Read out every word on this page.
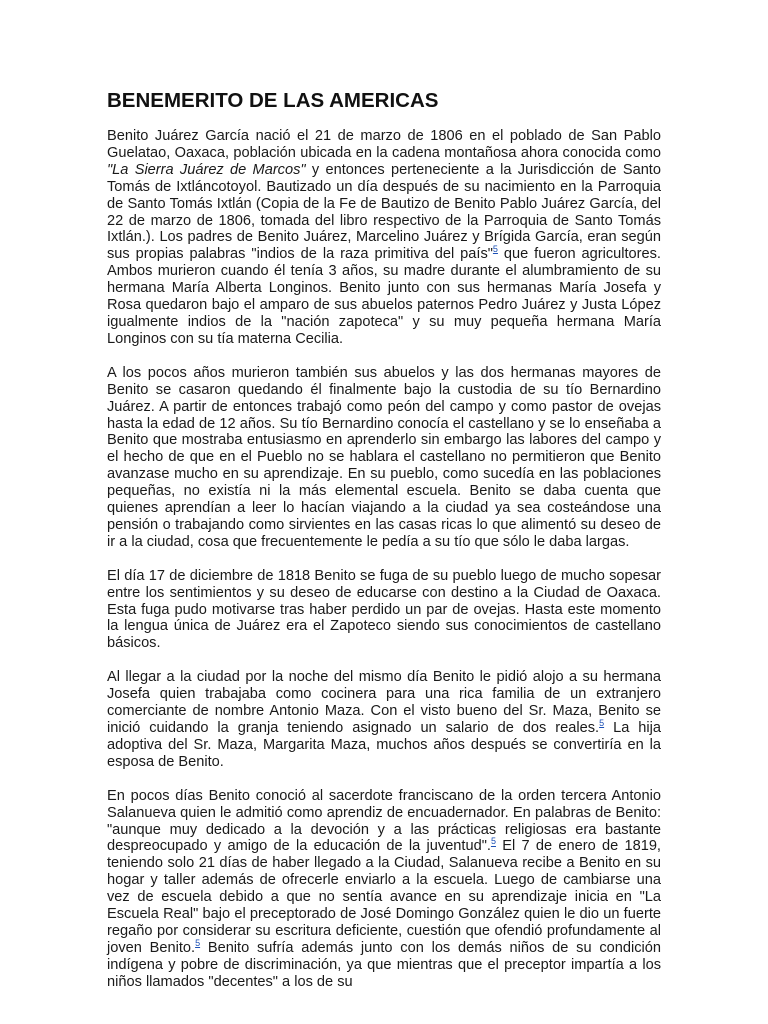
BENEMERITO DE LAS AMERICAS

Benito Juárez García nació el 21 de marzo de 1806 en el poblado de San Pablo Guelatao, Oaxaca, población ubicada en la cadena montañosa ahora conocida como "La Sierra Juárez de Marcos" y entonces perteneciente a la Jurisdicción de Santo Tomás de Ixtláncotoyol. Bautizado un día después de su nacimiento en la Parroquia de Santo Tomás Ixtlán (Copia de la Fe de Bautizo de Benito Pablo Juárez García, del 22 de marzo de 1806, tomada del libro respectivo de la Parroquia de Santo Tomás Ixtlán.). Los padres de Benito Juárez, Marcelino Juárez y Brígida García, eran según sus propias palabras "indios de la raza primitiva del país"$^5$ que fueron agricultores. Ambos murieron cuando él tenía 3 años, su madre durante el alumbramiento de su hermana María Alberta Longinos. Benito junto con sus hermanas María Josefa y Rosa quedaron bajo el amparo de sus abuelos paternos Pedro Juárez y Justa López igualmente indios de la "nación zapoteca" y su muy pequeña hermana María Longinos con su tía materna Cecilia.

A los pocos años murieron también sus abuelos y las dos hermanas mayores de Benito se casaron quedando él finalmente bajo la custodia de su tío Bernardino Juárez. A partir de entonces trabajó como peón del campo y como pastor de ovejas hasta la edad de 12 años. Su tío Bernardino conocía el castellano y se lo enseñaba a Benito que mostraba entusiasmo en aprenderlo sin embargo las labores del campo y el hecho de que en el Pueblo no se hablara el castellano no permitieron que Benito avanzase mucho en su aprendizaje. En su pueblo, como sucedía en las poblaciones pequeñas, no existía ni la más elemental escuela. Benito se daba cuenta que quienes aprendían a leer lo hacían viajando a la ciudad ya sea costeándose una pensión o trabajando como sirvientes en las casas ricas lo que alimentó su deseo de ir a la ciudad, cosa que frecuentemente le pedía a su tío que sólo le daba largas.

El día 17 de diciembre de 1818 Benito se fuga de su pueblo luego de mucho sopesar entre los sentimientos y su deseo de educarse con destino a la Ciudad de Oaxaca. Esta fuga pudo motivarse tras haber perdido un par de ovejas. Hasta este momento la lengua única de Juárez era el Zapoteco siendo sus conocimientos de castellano básicos.

Al llegar a la ciudad por la noche del mismo día Benito le pidió alojo a su hermana Josefa quien trabajaba como cocinera para una rica familia de un extranjero comerciante de nombre Antonio Maza. Con el visto bueno del Sr. Maza, Benito se inició cuidando la granja teniendo asignado un salario de dos reales.$^5$ La hija adoptiva del Sr. Maza, Margarita Maza, muchos años después se convertiría en la esposa de Benito.

En pocos días Benito conoció al sacerdote franciscano de la orden tercera Antonio Salanueva quien le admitió como aprendiz de encuadernador. En palabras de Benito: "aunque muy dedicado a la devoción y a las prácticas religiosas era bastante despreocupado y amigo de la educación de la juventud".$^5$ El 7 de enero de 1819, teniendo solo 21 días de haber llegado a la Ciudad, Salanueva recibe a Benito en su hogar y taller además de ofrecerle enviarlo a la escuela. Luego de cambiarse una vez de escuela debido a que no sentía avance en su aprendizaje inicia en "La Escuela Real" bajo el preceptorado de José Domingo González quien le dio un fuerte regaño por considerar su escritura deficiente, cuestión que ofendió profundamente al joven Benito.$^5$ Benito sufría además junto con los demás niños de su condición indígena y pobre de discriminación, ya que mientras que el preceptor impartía a los niños llamados "decentes" a los de su
